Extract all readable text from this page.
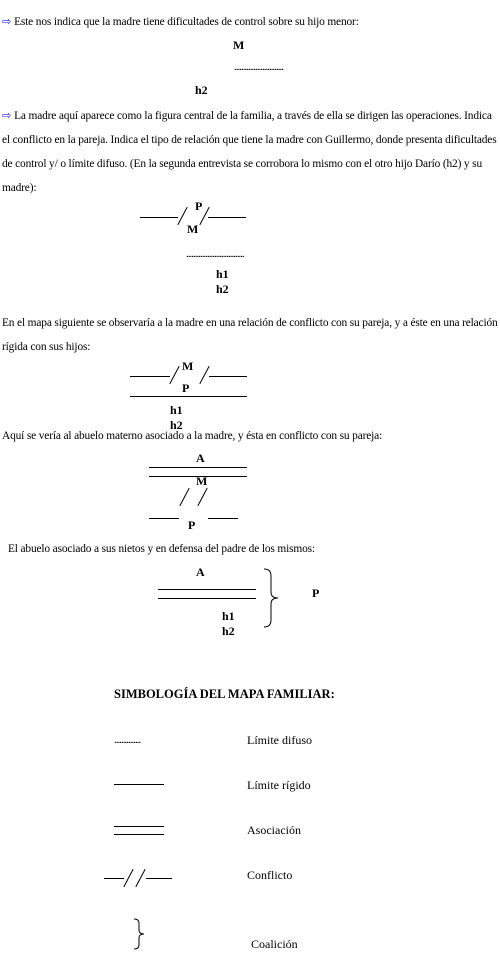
⇨ Este nos indica que la madre tiene dificultades de control sobre su hijo menor:

M
............................
h2

⇨ La madre aquí aparece como la figura central de la familia, a través de ella se dirigen las operaciones. Indica el conflicto en la pareja. Indica el tipo de relación que tiene la madre con Guillermo, donde presenta dificultades de control y/ o límite difuso. (En la segunda entrevista se corrobora lo mismo con el otro hijo Darío (h2) y su madre):

P
M
.................................
h1 h2

En el mapa siguiente se observaría a la madre en una relación de conflicto con su pareja, y a éste en una relación rígida con sus hijos:

M
P
h1 h2

Aquí se vería al abuelo materno asociado a la madre, y ésta en conflicto con su pareja:

A
M
P

El abuelo asociado a sus nietos y en defensa del padre de los mismos:

A
h1 h2
P
SIMBOLOGÍA DEL MAPA FAMILIAR:
...............	Límite difuso
Límite rígido
Asociación
Conflicto
Coalición
